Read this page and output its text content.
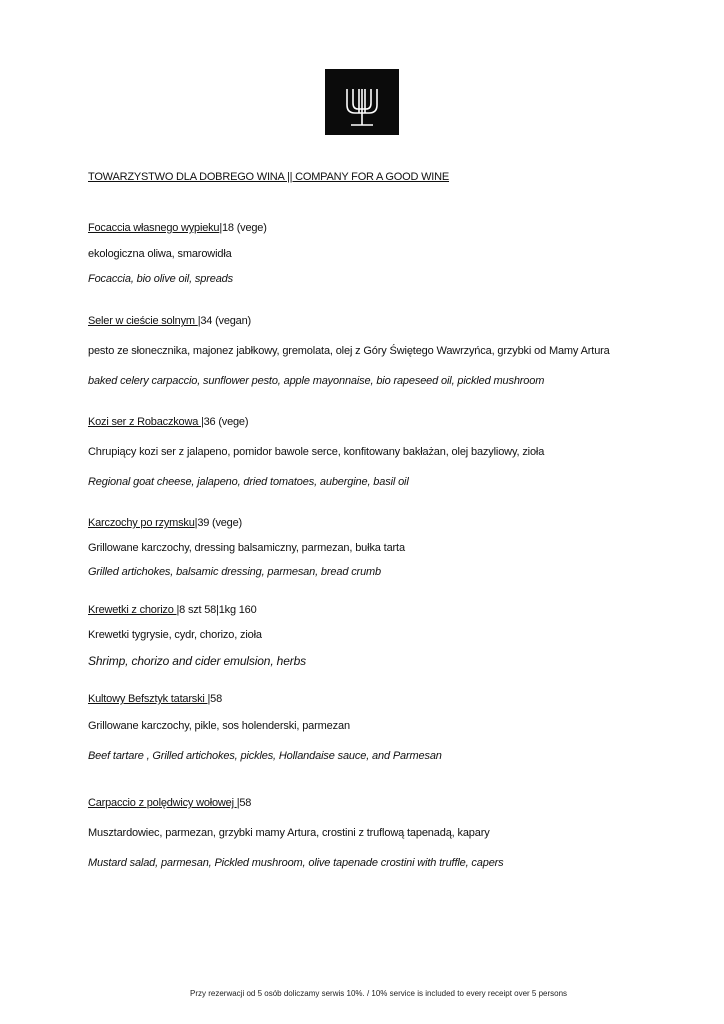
TOWARZYSTWO DLA DOBREGO WINA || COMPANY FOR A GOOD WINE
Focaccia własnego wypieku|18 (vege)
ekologiczna oliwa, smarowidła
Focaccia, bio olive oil, spreads
Seler w cieście solnym |34 (vegan)
pesto ze słonecznika, majonez jabłkowy, gremolata, olej z Góry Świętego Wawrzyńca, grzybki od Mamy Artura
baked celery carpaccio, sunflower pesto, apple mayonnaise, bio rapeseed oil, pickled mushroom
Kozi ser z Robaczkowa |36 (vege)
Chrupiący kozi ser z jalapeno, pomidor bawole serce, konfitowany bakłażan, olej bazyliowy, zioła
Regional goat cheese, jalapeno, dried tomatoes, aubergine, basil oil
Karczochy po rzymsku|39 (vege)
Grillowane karczochy, dressing balsamiczny, parmezan, bułka tarta
Grilled artichokes, balsamic dressing, parmesan, bread crumb
Krewetki z chorizo |8 szt 58|1kg 160
Krewetki tygrysie, cydr, chorizo, zioła
Shrimp, chorizo and cider emulsion, herbs
Kultowy Befsztyk tatarski |58
Grillowane karczochy, pikle, sos holenderski, parmezan
Beef tartare , Grilled artichokes, pickles, Hollandaise sauce, and Parmesan
Carpaccio z polędwicy wołowej |58
Musztardowiec, parmezan, grzybki mamy Artura, crostini z truflową tapenadą, kapary
Mustard salad, parmesan, Pickled mushroom, olive tapenade crostini with truffle, capers
Przy rezerwacji od 5 osób doliczamy serwis 10%. / 10% service is included to every receipt over 5 persons
